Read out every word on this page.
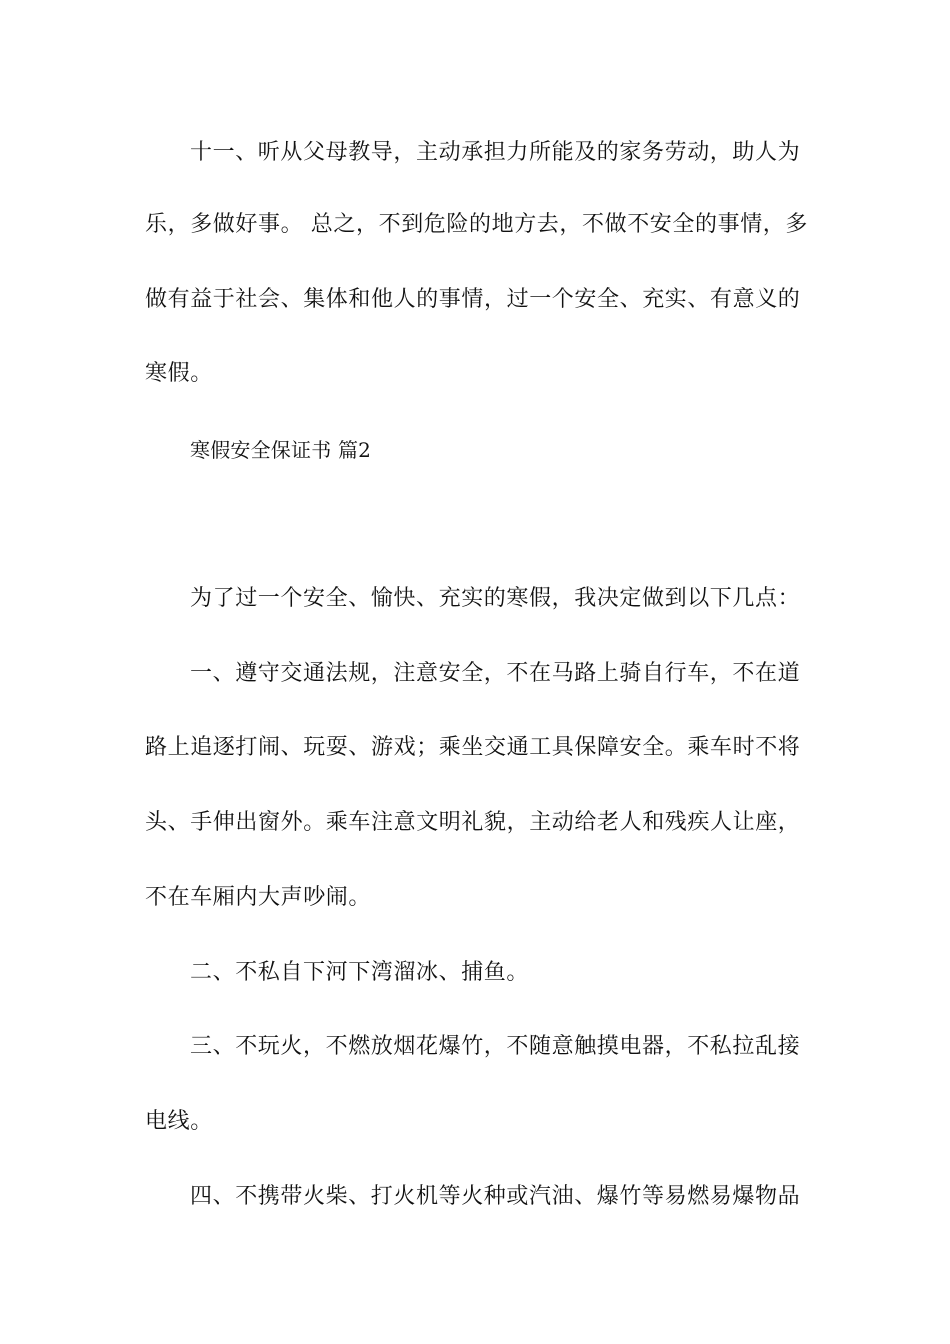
十一、听从父母教导，主动承担力所能及的家务劳动，助人为
乐，多做好事。 总之，不到危险的地方去，不做不安全的事情，多
做有益于社会、集体和他人的事情，过一个安全、充实、有意义的
寒假。
寒假安全保证书 篇2
为了过一个安全、愉快、充实的寒假，我决定做到以下几点：
一、遵守交通法规，注意安全，不在马路上骑自行车，不在道
路上追逐打闹、玩耍、游戏；乘坐交通工具保障安全。乘车时不将
头、手伸出窗外。乘车注意文明礼貌，主动给老人和残疾人让座，
不在车厢内大声吵闹。
二、不私自下河下湾溜冰、捕鱼。
三、不玩火，不燃放烟花爆竹，不随意触摸电器，不私拉乱接
电线。
四、不携带火柴、打火机等火种或汽油、爆竹等易燃易爆物品
